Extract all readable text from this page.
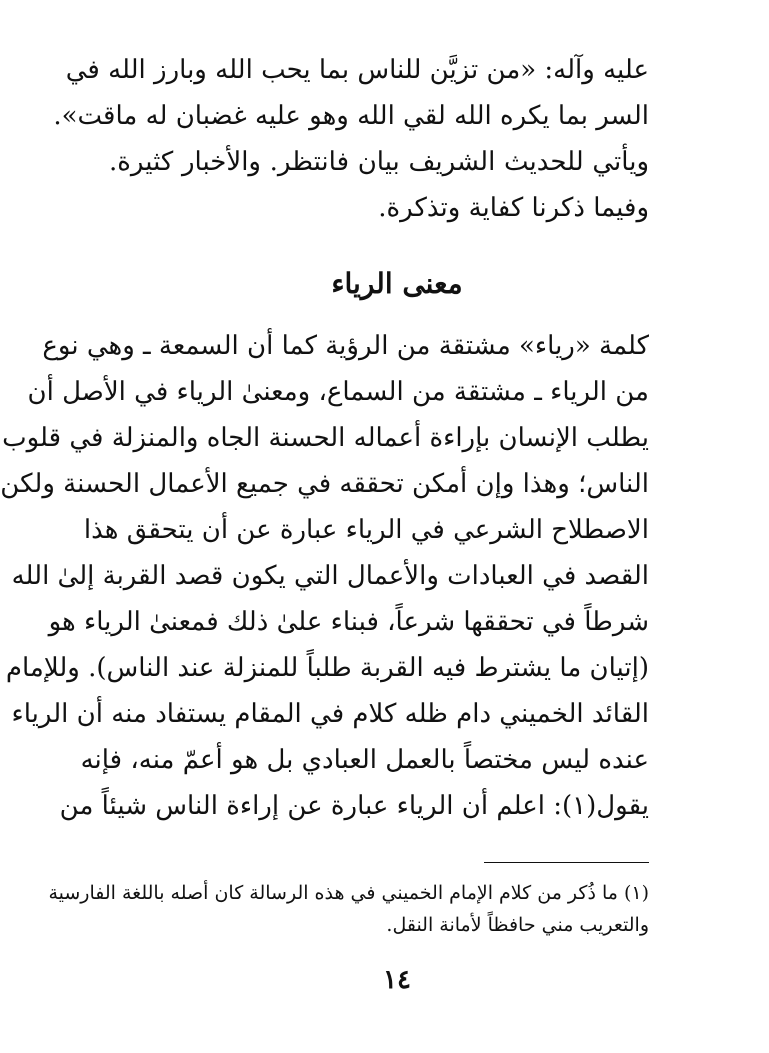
عليه وآله: «من تزيَّن للناس بما يحب الله وبارز الله في

السر بما يكره الله لقي الله وهو عليه غضبان له ماقت».

ويأتي للحديث الشريف بيان فانتظر. والأخبار كثيرة.

وفيما ذكرنا كفاية وتذكرة.

معنى الرياء

كلمة «رياء» مشتقة من الرؤية كما أن السمعة ـ وهي نوع

من الرياء ـ مشتقة من السماع، ومعنىٰ الرياء في الأصل أن

يطلب الإنسان بإراءة أعماله الحسنة الجاه والمنزلة في قلوب

الناس؛ وهذا وإن أمكن تحققه في جميع الأعمال الحسنة ولكن

الاصطلاح الشرعي في الرياء عبارة عن أن يتحقق هذا

القصد في العبادات والأعمال التي يكون قصد القربة إلىٰ الله

شرطاً في تحققها شرعاً، فبناء علىٰ ذلك فمعنىٰ الرياء هو

(إتيان ما يشترط فيه القربة طلباً للمنزلة عند الناس). وللإمام

القائد الخميني دام ظله كلام في المقام يستفاد منه أن الرياء

عنده ليس مختصاً بالعمل العبادي بل هو أعمّ منه، فإنه

يقول(١): اعلم أن الرياء عبارة عن إراءة الناس شيئاً من

(١) ما ذُكر من كلام الإمام الخميني في هذه الرسالة كان أصله باللغة الفارسية

والتعريب مني حافظاً لأمانة النقل.

١٤
